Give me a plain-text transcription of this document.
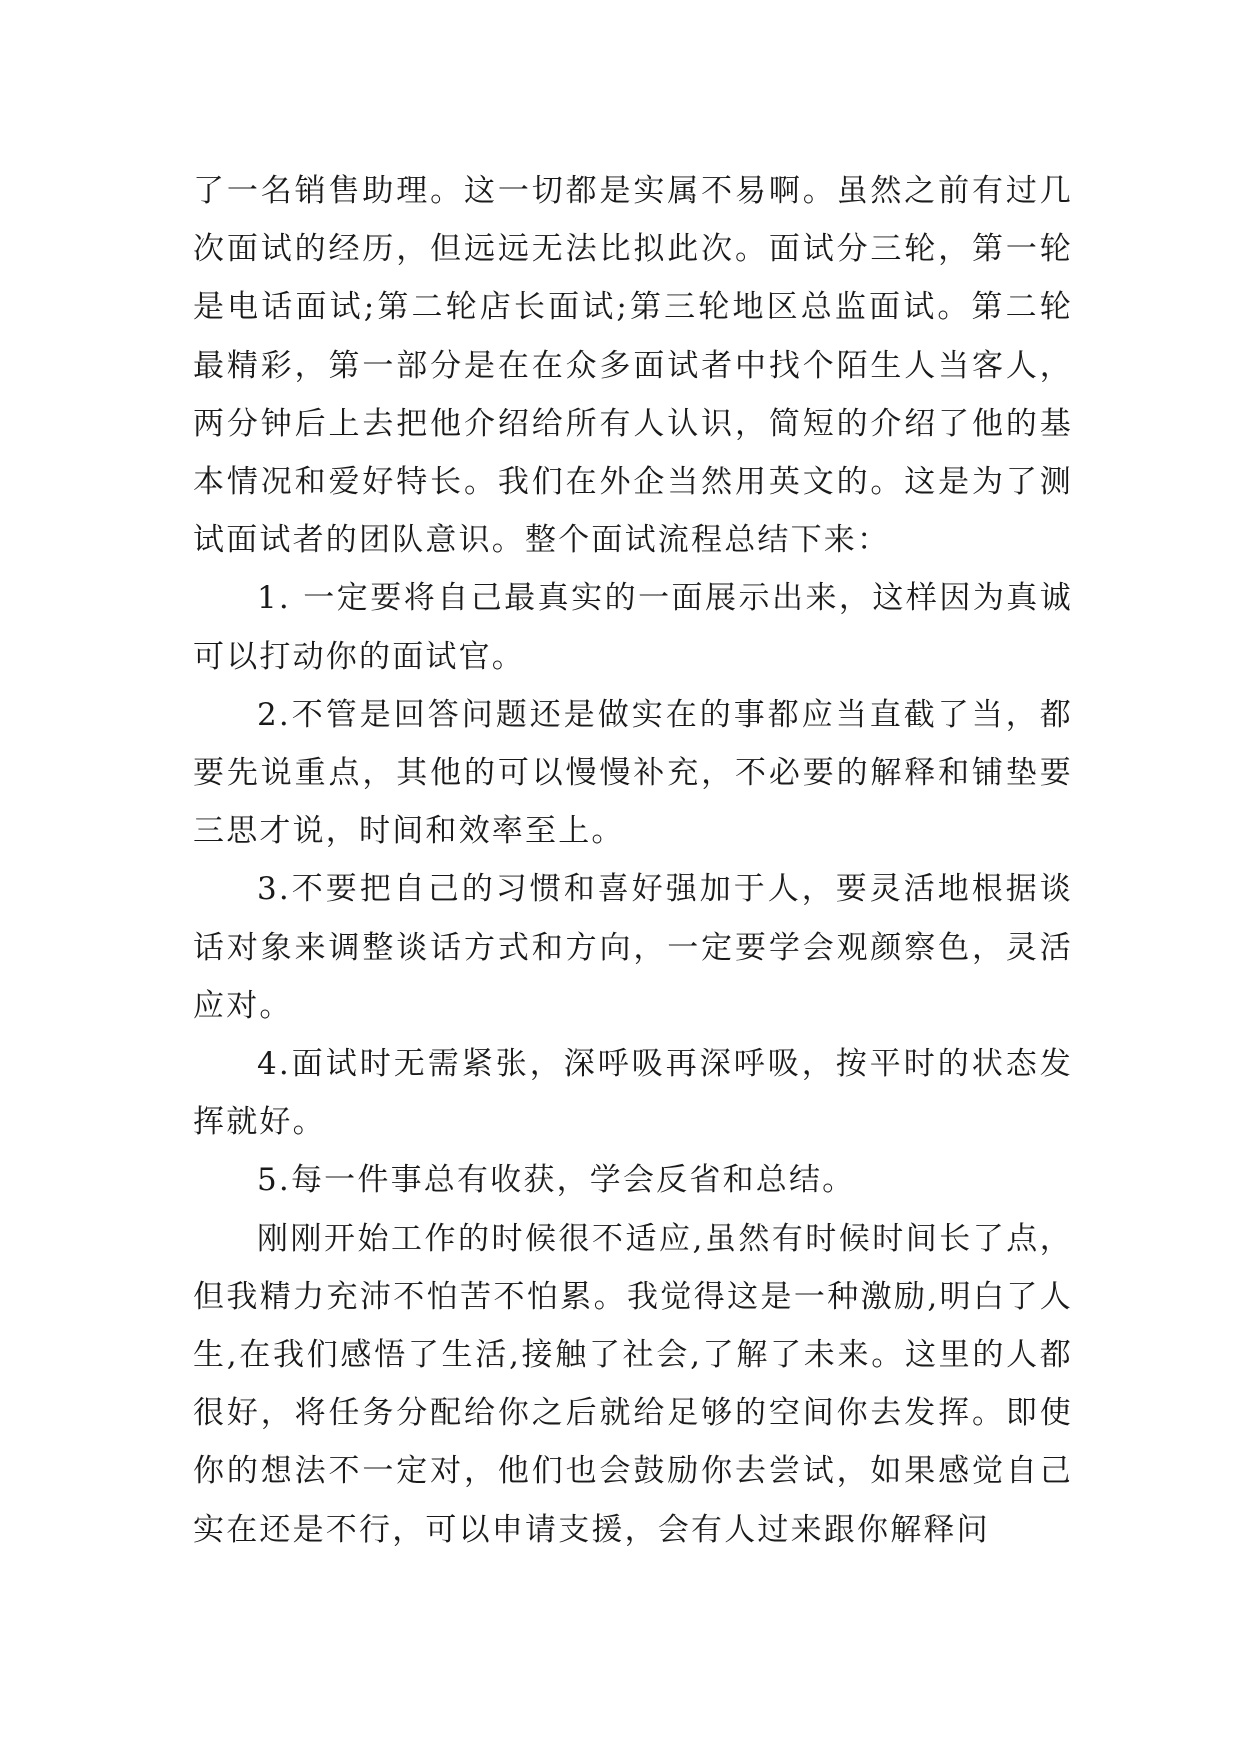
了一名销售助理。这一切都是实属不易啊。虽然之前有过几次面试的经历，但远远无法比拟此次。面试分三轮，第一轮是电话面试;第二轮店长面试;第三轮地区总监面试。第二轮最精彩，第一部分是在在众多面试者中找个陌生人当客人，两分钟后上去把他介绍给所有人认识，简短的介绍了他的基本情况和爱好特长。我们在外企当然用英文的。这是为了测试面试者的团队意识。整个面试流程总结下来：

1. 一定要将自己最真实的一面展示出来，这样因为真诚可以打动你的面试官。

2.不管是回答问题还是做实在的事都应当直截了当，都要先说重点，其他的可以慢慢补充，不必要的解释和铺垫要三思才说，时间和效率至上。

3.不要把自己的习惯和喜好强加于人，要灵活地根据谈话对象来调整谈话方式和方向，一定要学会观颜察色，灵活应对。

4.面试时无需紧张，深呼吸再深呼吸，按平时的状态发挥就好。

5.每一件事总有收获，学会反省和总结。

刚刚开始工作的时候很不适应,虽然有时候时间长了点，但我精力充沛不怕苦不怕累。我觉得这是一种激励,明白了人生,在我们感悟了生活,接触了社会,了解了未来。这里的人都很好，将任务分配给你之后就给足够的空间你去发挥。即使你的想法不一定对，他们也会鼓励你去尝试，如果感觉自己实在还是不行，可以申请支援，会有人过来跟你解释问
